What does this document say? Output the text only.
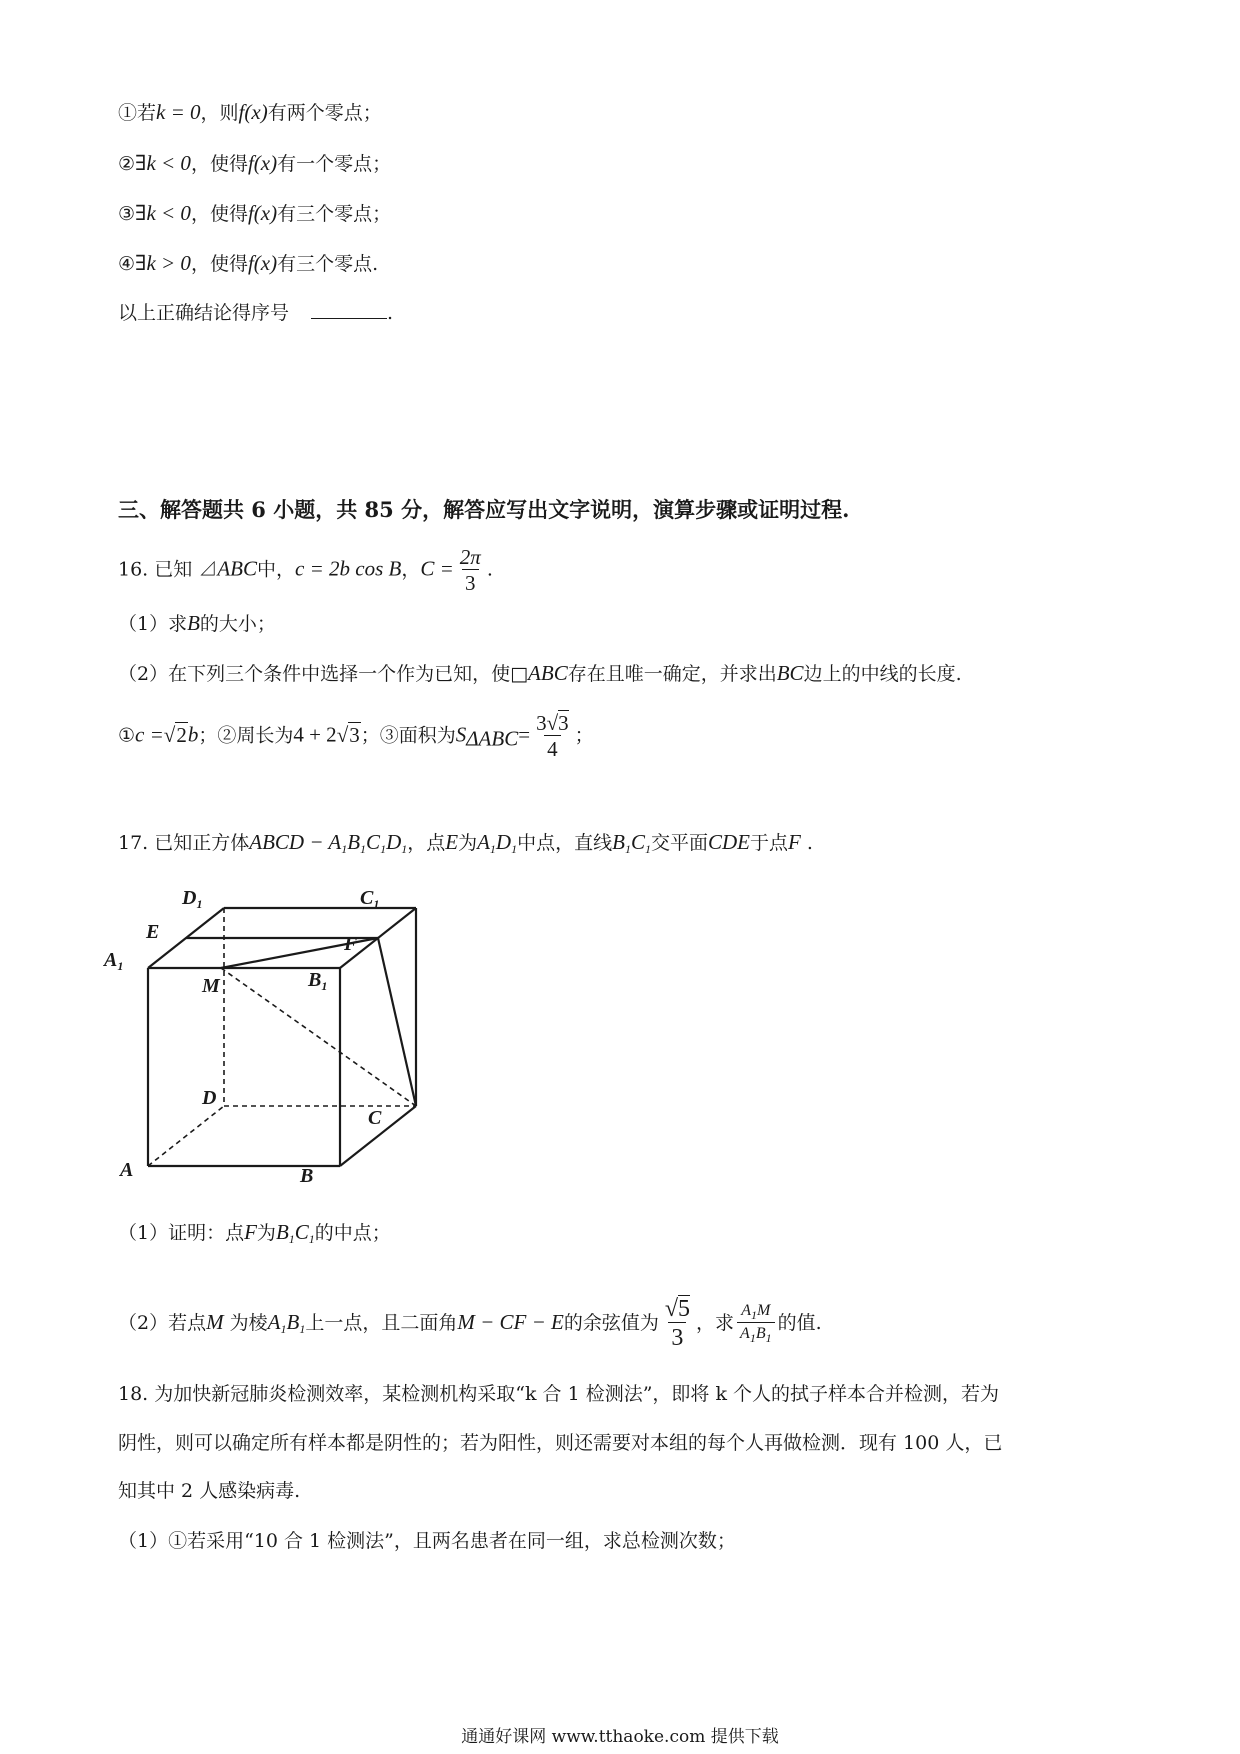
①若k = 0，则f(x)有两个零点；
②∃k < 0，使得f(x)有一个零点；
③∃k < 0，使得f(x)有三个零点；
④∃k > 0，使得f(x)有三个零点.
以上正确结论得序号	.
三、解答题共 6 小题，共 85 分，解答应写出文字说明，演算步骤或证明过程.
16. 已知 ⊿ABC中，c = 2b cos B，$C = \frac{2\pi}{3}$ .
（1）求B的大小；
（2）在下列三个条件中选择一个作为已知，使□ABC存在且唯一确定，并求出BC边上的中线的长度.
①c =√2b；②周长为4 + 2√3；③面积为$S_{\Delta ABC}= \frac{3√3}{4}$ ；
17. 已知正方体ABCD − $A_1B_1C_1D_1$，点E为$A_1D_1$中点，直线$B_1C_1$交平面CDE于点F .
$D_1$	$C_1$
E
$A_1$
F
M	$B_1$
D
C
A	B
（1）证明：点F为$B_1C_1$的中点；
（2）若点M 为棱$A_1B_1$上一点，且二面角M − CF − E的余弦值为 $\frac{√5}{3}$ ，求 $\frac{A_1M}{A_1B_1}$ 的值.
18. 为加快新冠肺炎检测效率，某检测机构采取“k 合 1 检测法”，即将 k 个人的拭子样本合并检测，若为
阴性，则可以确定所有样本都是阴性的；若为阳性，则还需要对本组的每个人再做检测．现有 100 人，已
知其中 2 人感染病毒.
（1）①若采用“10 合 1 检测法”，且两名患者在同一组，求总检测次数；
通通好课网 www.tthaoke.com 提供下载
